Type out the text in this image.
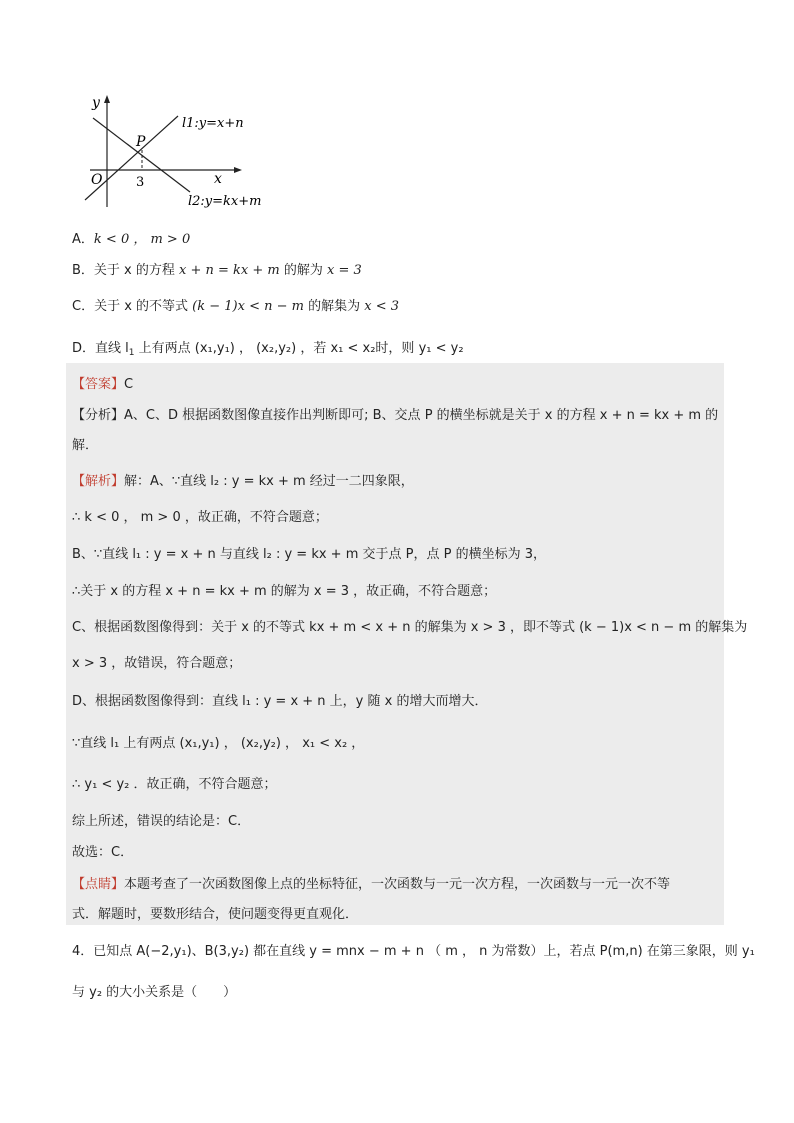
y
x
O
P
3
l1:y=x+n
l2:y=kx+m
A．k < 0 ， m > 0
B．关于 x 的方程 x + n = kx + m 的解为 x = 3
C．关于 x 的不等式 (k − 1)x < n − m 的解集为 x < 3
D．直线 $l_1$ 上有两点 (x₁,y₁) ， (x₂,y₂) ，若 x₁ < x₂时，则 y₁ < y₂
【答案】C
【分析】A、C、D 根据函数图像直接作出判断即可; B、交点 P 的横坐标就是关于 x 的方程 x + n = kx + m 的
解．
【解析】解：A、∵直线 l₂ : y = kx + m 经过一二四象限，
∴ k < 0 ， m > 0 ，故正确，不符合题意；
B、∵直线 l₁ : y = x + n 与直线 l₂ : y = kx + m 交于点 P，点 P 的横坐标为 3，
∴关于 x 的方程 x + n = kx + m 的解为 x = 3 ，故正确，不符合题意；
C、根据函数图像得到：关于 x 的不等式 kx + m < x + n 的解集为 x > 3 ，即不等式 (k − 1)x < n − m 的解集为
x > 3 ，故错误，符合题意；
D、根据函数图像得到：直线 l₁ : y = x + n 上，y 随 x 的增大而增大．
∵直线 l₁ 上有两点 (x₁,y₁) ， (x₂,y₂) ， x₁ < x₂ ，
∴ y₁ < y₂ ．故正确，不符合题意；
综上所述，错误的结论是：C．
故选：C．
【点睛】本题考查了一次函数图像上点的坐标特征，一次函数与一元一次方程，一次函数与一元一次不等
式．解题时，要数形结合，使问题变得更直观化．
4．已知点 A(−2,y₁)、B(3,y₂) 都在直线 y = mnx − m + n （ m ， n 为常数）上，若点 P(m,n) 在第三象限，则 y₁
与 y₂ 的大小关系是（　　）
